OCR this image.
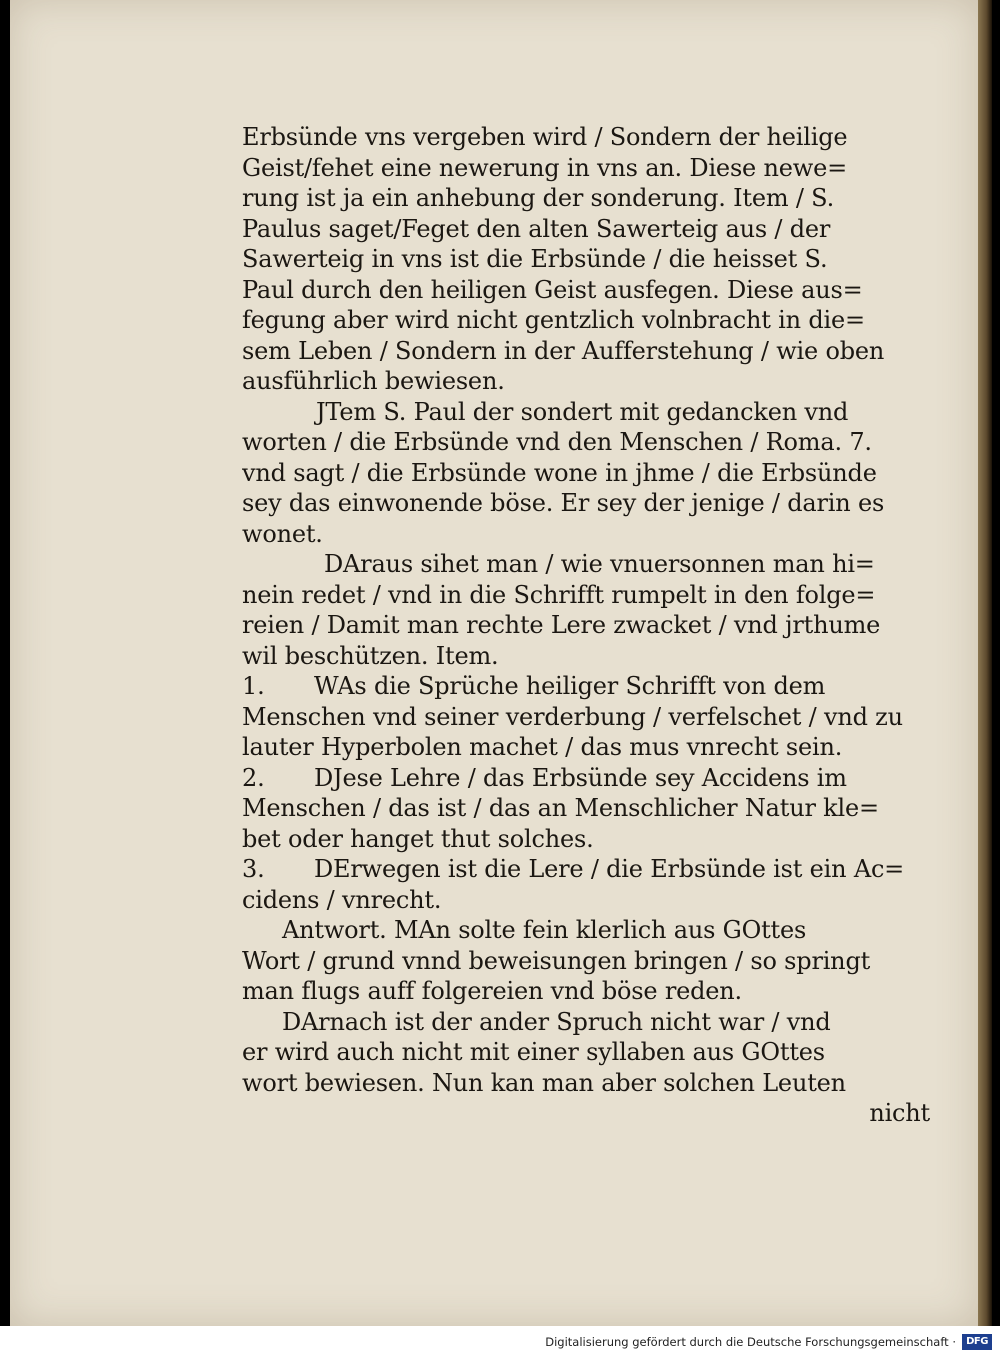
Erbsünde vns vergeben wird / Sondern der heilige
Geist/fehet eine newerung in vns an. Diese newe=
rung ist ja ein anhebung der sonderung. Item / S.
Paulus saget/Feget den alten Sawerteig aus / der
Sawerteig in vns ist die Erbsünde / die heisset S.
Paul durch den heiligen Geist ausfegen. Diese aus=
fegung aber wird nicht gentzlich volnbracht in die=
sem Leben / Sondern in der Aufferstehung / wie oben
ausführlich bewiesen.
JTem S. Paul der sondert mit gedancken vnd
worten / die Erbsünde vnd den Menschen / Roma. 7.
vnd sagt / die Erbsünde wone in jhme / die Erbsünde
sey das einwonende böse. Er sey der jenige / darin es
wonet.
DAraus sihet man / wie vnuersonnen man hi=
nein redet / vnd in die Schrifft rumpelt in den folge=
reien / Damit man rechte Lere zwacket / vnd jrthume
wil beschützen. Item.
1. WAs die Sprüche heiliger Schrifft von dem
Menschen vnd seiner verderbung / verfelschet / vnd zu
lauter Hyperbolen machet / das mus vnrecht sein.
2. DJese Lehre / das Erbsünde sey Accidens im
Menschen / das ist / das an Menschlicher Natur kle=
bet oder hanget thut solches.
3. DErwegen ist die Lere / die Erbsünde ist ein Ac=
cidens / vnrecht.
Antwort. MAn solte fein klerlich aus GOttes
Wort / grund vnnd beweisungen bringen / so springt
man flugs auff folgereien vnd böse reden.
DArnach ist der ander Spruch nicht war / vnd
er wird auch nicht mit einer syllaben aus GOttes
wort bewiesen. Nun kan man aber solchen Leuten
nicht
Digitalisierung gefördert durch die Deutsche Forschungsgemeinschaft ·	DFG
